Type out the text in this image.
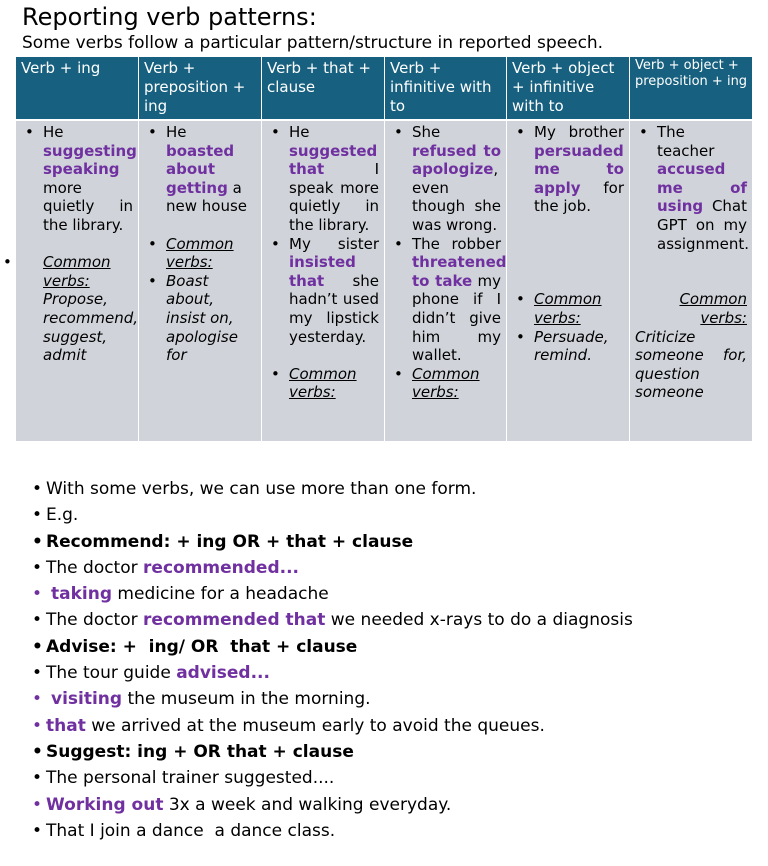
Reporting verb patterns:
Some verbs follow a particular pattern/structure in reported speech.
Verb + ing	Verb + preposition + ing
Verb + that + clause
Verb + infinitive with to
Verb + object + infinitive with to
Verb + object + preposition + ing
• He suggesting speaking more quietly in the library.
• Common verbs: Propose, recommend, suggest, admit
• He boasted about getting a new house
• Common verbs:
• Boast about, insist on, apologise for
• He suggested that	I speak more quietly in the library.
• My sister insisted that she hadn’t used my lipstick yesterday.
• Common verbs:
• She refused to apologize, even though she was wrong.
• The robber threatened to take my phone if I didn’t give him my wallet.
• Common verbs:
• My brother persuaded me to apply for the job.
• Common verbs:
• Persuade, remind.
• The teacher accused me of using Chat GPT on my assignment.
Common verbs:
Criticize someone for, question someone
• With some verbs, we can use more than one form.
• E.g.
• Recommend: + ing OR + that + clause
• The doctor recommended...
• taking medicine for a headache
• The doctor recommended that we needed x-rays to do a diagnosis
• Advise: +  ing/ OR  that + clause
• The tour guide advised...
• visiting the museum in the morning.
• that we arrived at the museum early to avoid the queues.
• Suggest: ing + OR that + clause
• The personal trainer suggested....
• Working out 3x a week and walking everyday.
• That I join a dance  a dance class.
